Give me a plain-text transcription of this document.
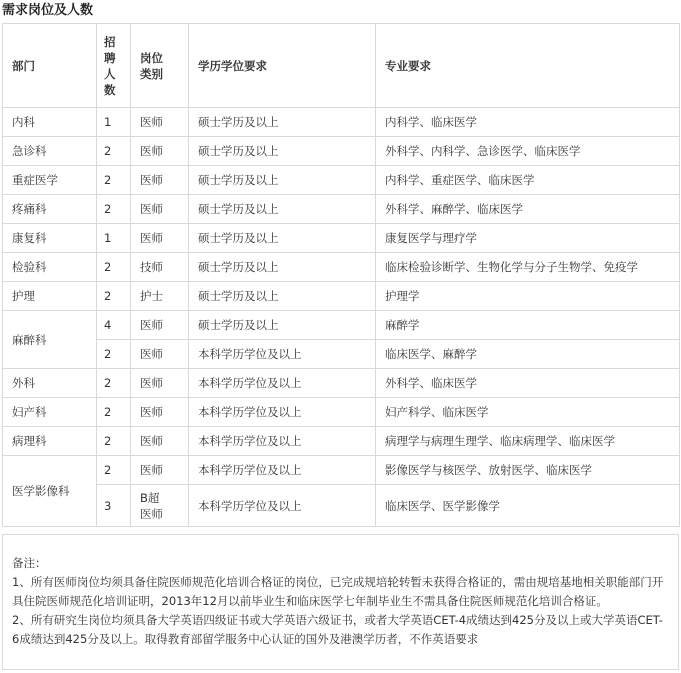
需求岗位及人数
部门	招聘人数	岗位类别	学历学位要求	专业要求
内科	1	医师	硕士学历及以上	内科学、临床医学
急诊科	2	医师	硕士学历及以上	外科学、内科学、急诊医学、临床医学
重症医学	2	医师	硕士学历及以上	内科学、重症医学、临床医学
疼痛科	2	医师	硕士学历及以上	外科学、麻醉学、临床医学
康复科	1	医师	硕士学历及以上	康复医学与理疗学
检验科	2	技师	硕士学历及以上	临床检验诊断学、生物化学与分子生物学、免疫学
护理	2	护士	硕士学历及以上	护理学
麻醉科	4	医师	硕士学历及以上	麻醉学
	2	医师	本科学历学位及以上	临床医学、麻醉学
外科	2	医师	本科学历学位及以上	外科学、临床医学
妇产科	2	医师	本科学历学位及以上	妇产科学、临床医学
病理科	2	医师	本科学历学位及以上	病理学与病理生理学、临床病理学、临床医学
医学影像科	2	医师	本科学历学位及以上	影像医学与核医学、放射医学、临床医学
	3	B超医师	本科学历学位及以上	临床医学、医学影像学

备注：

1、所有医师岗位均须具备住院医师规范化培训合格证的岗位，已完成规培轮转暂未获得合格证的，需由规培基地相关职能部门开具住院医师规范化培训证明，2013年12月以前毕业生和临床医学七年制毕业生不需具备住院医师规范化培训合格证。

2、所有研究生岗位均须具备大学英语四级证书或大学英语六级证书，或者大学英语CET-4成绩达到425分及以上或大学英语CET-6成绩达到425分及以上。取得教育部留学服务中心认证的国外及港澳学历者，不作英语要求
